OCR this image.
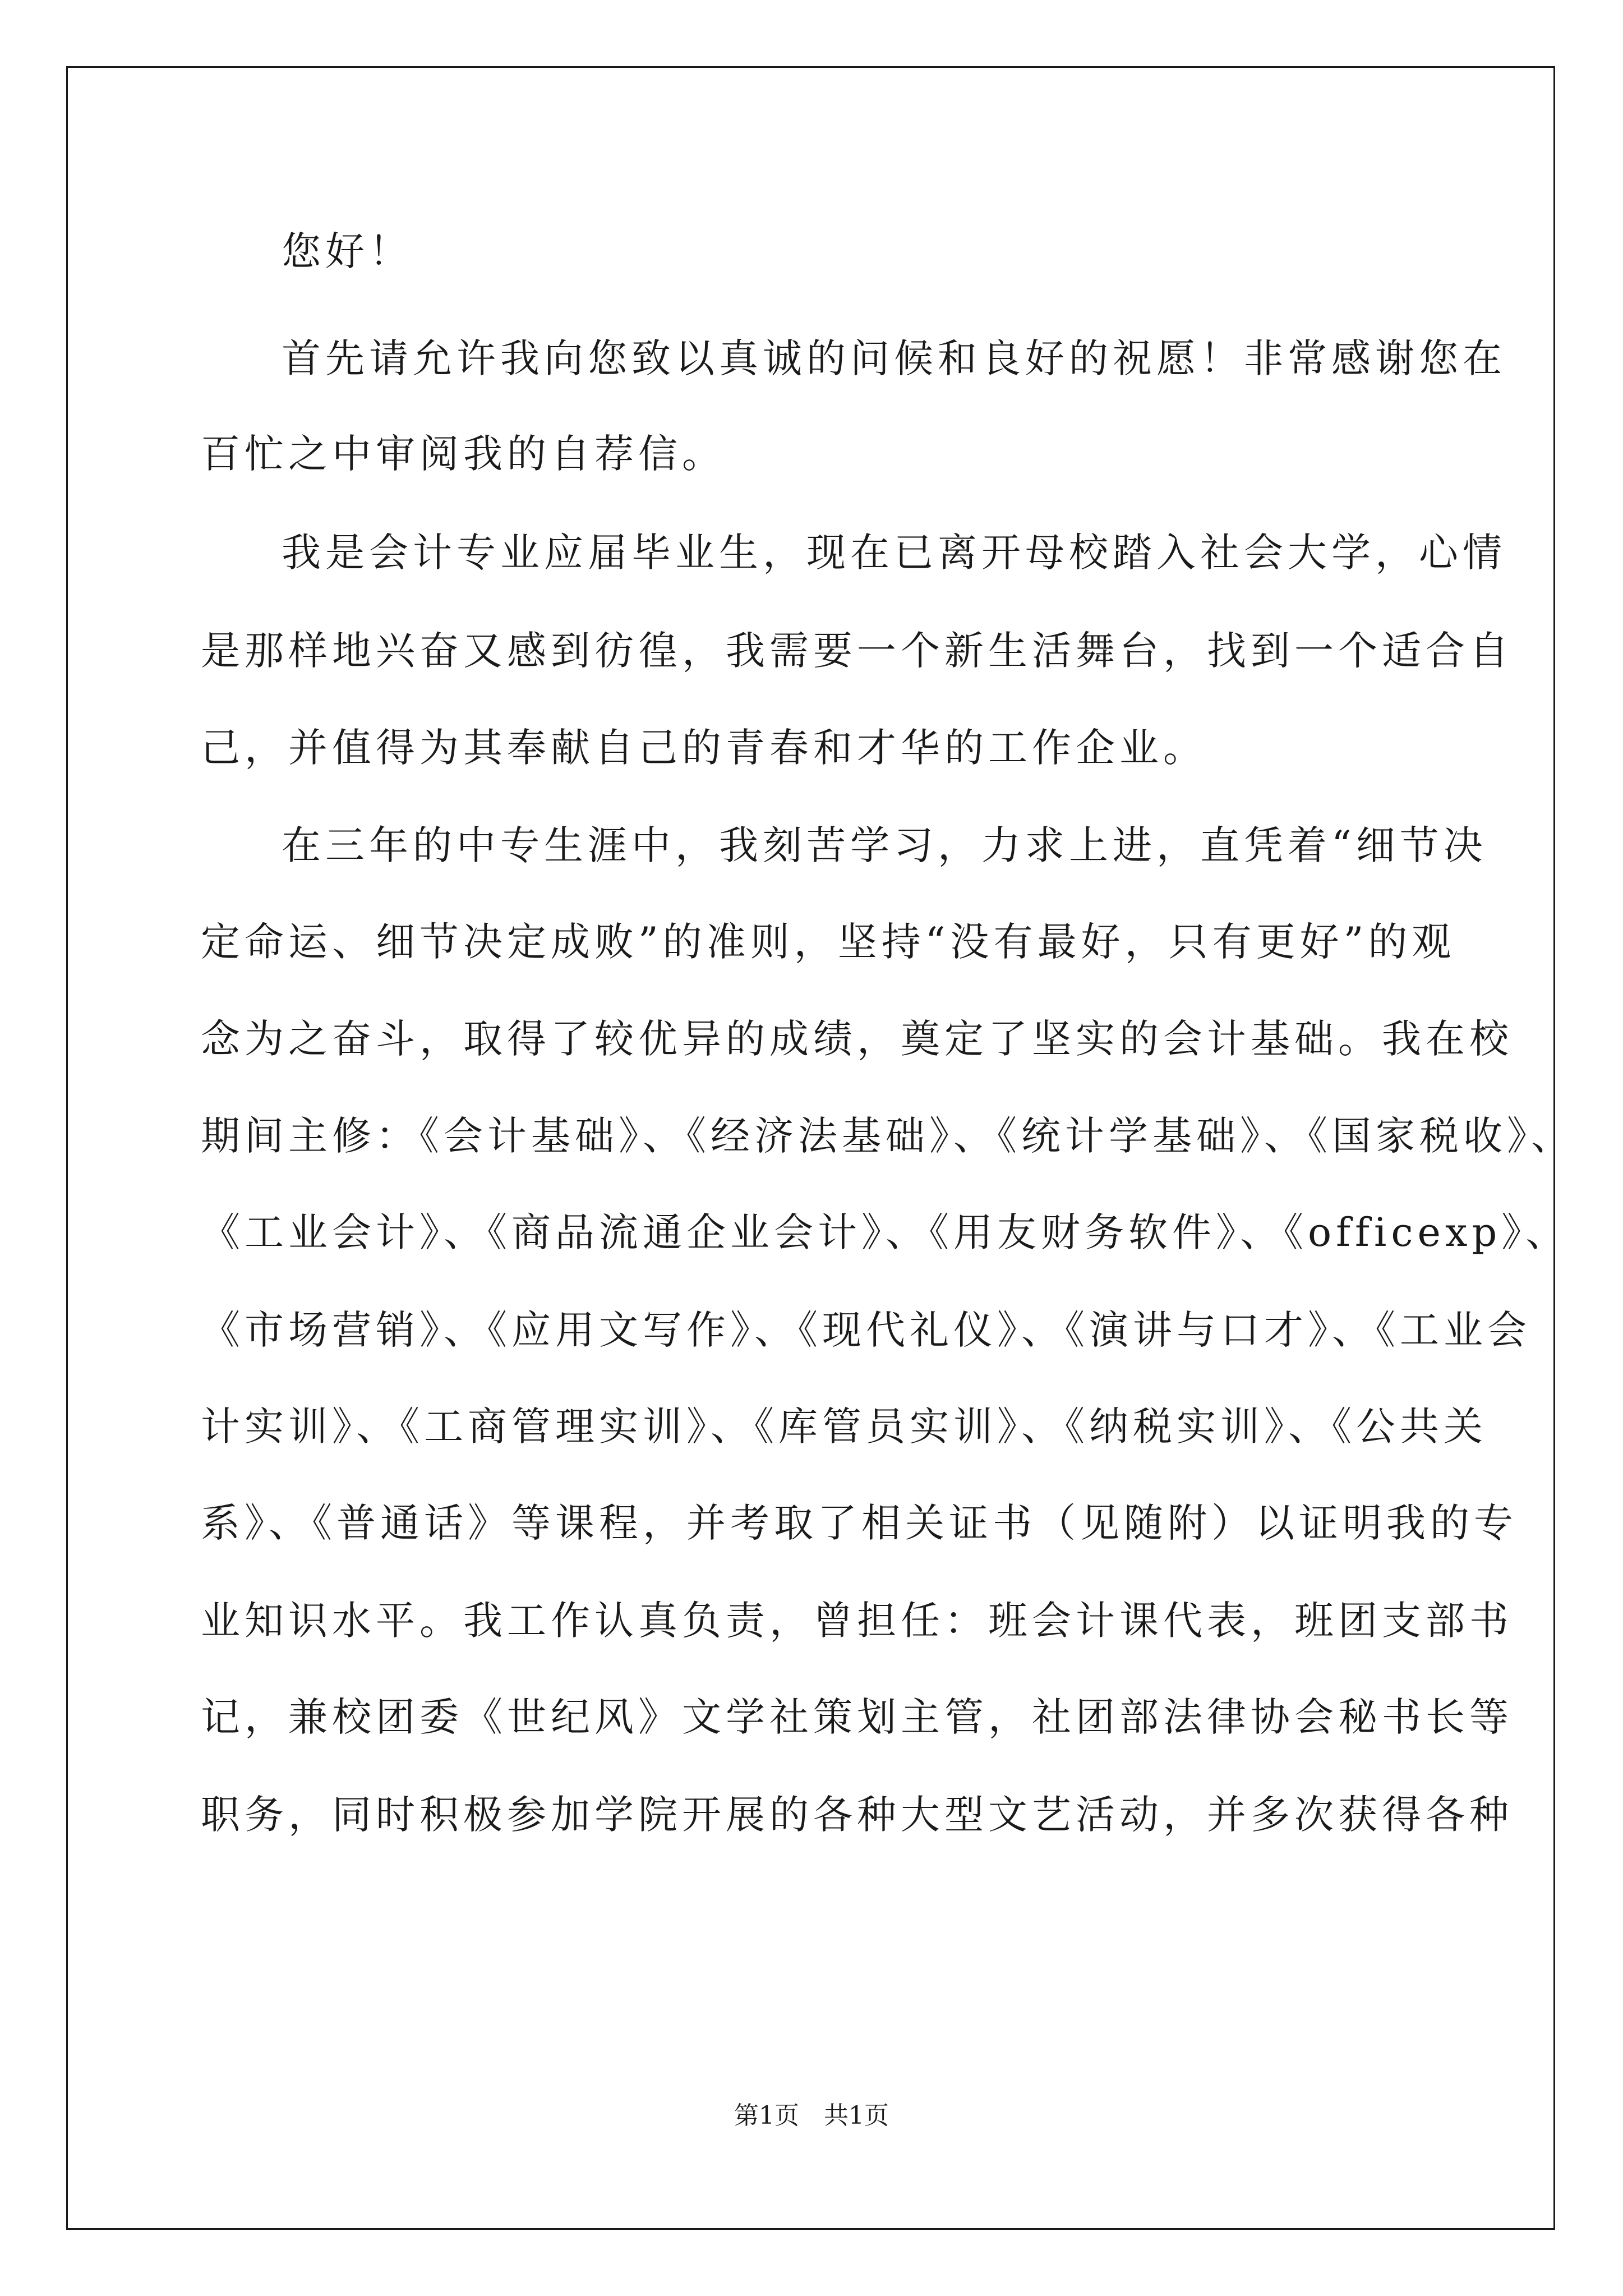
您好！
首先请允许我向您致以真诚的问候和良好的祝愿！非常感谢您在
百忙之中审阅我的自荐信。
我是会计专业应届毕业生，现在已离开母校踏入社会大学，心情
是那样地兴奋又感到彷徨，我需要一个新生活舞台，找到一个适合自
己，并值得为其奉献自己的青春和才华的工作企业。
在三年的中专生涯中，我刻苦学习，力求上进，直凭着“细节决
定命运、细节决定成败”的准则，坚持“没有最好，只有更好”的观
念为之奋斗，取得了较优异的成绩，奠定了坚实的会计基础。我在校
期间主修：《会计基础》、《经济法基础》、《统计学基础》、《国家税收》、
《工业会计》、《商品流通企业会计》、《用友财务软件》、《officexp》、
《市场营销》、《应用文写作》、《现代礼仪》、《演讲与口才》、《工业会
计实训》、《工商管理实训》、《库管员实训》、《纳税实训》、《公共关
系》、《普通话》等课程，并考取了相关证书（见随附）以证明我的专
业知识水平。我工作认真负责，曾担任：班会计课代表，班团支部书
记，兼校团委《世纪风》文学社策划主管，社团部法律协会秘书长等
职务，同时积极参加学院开展的各种大型文艺活动，并多次获得各种
第1页　共1页
